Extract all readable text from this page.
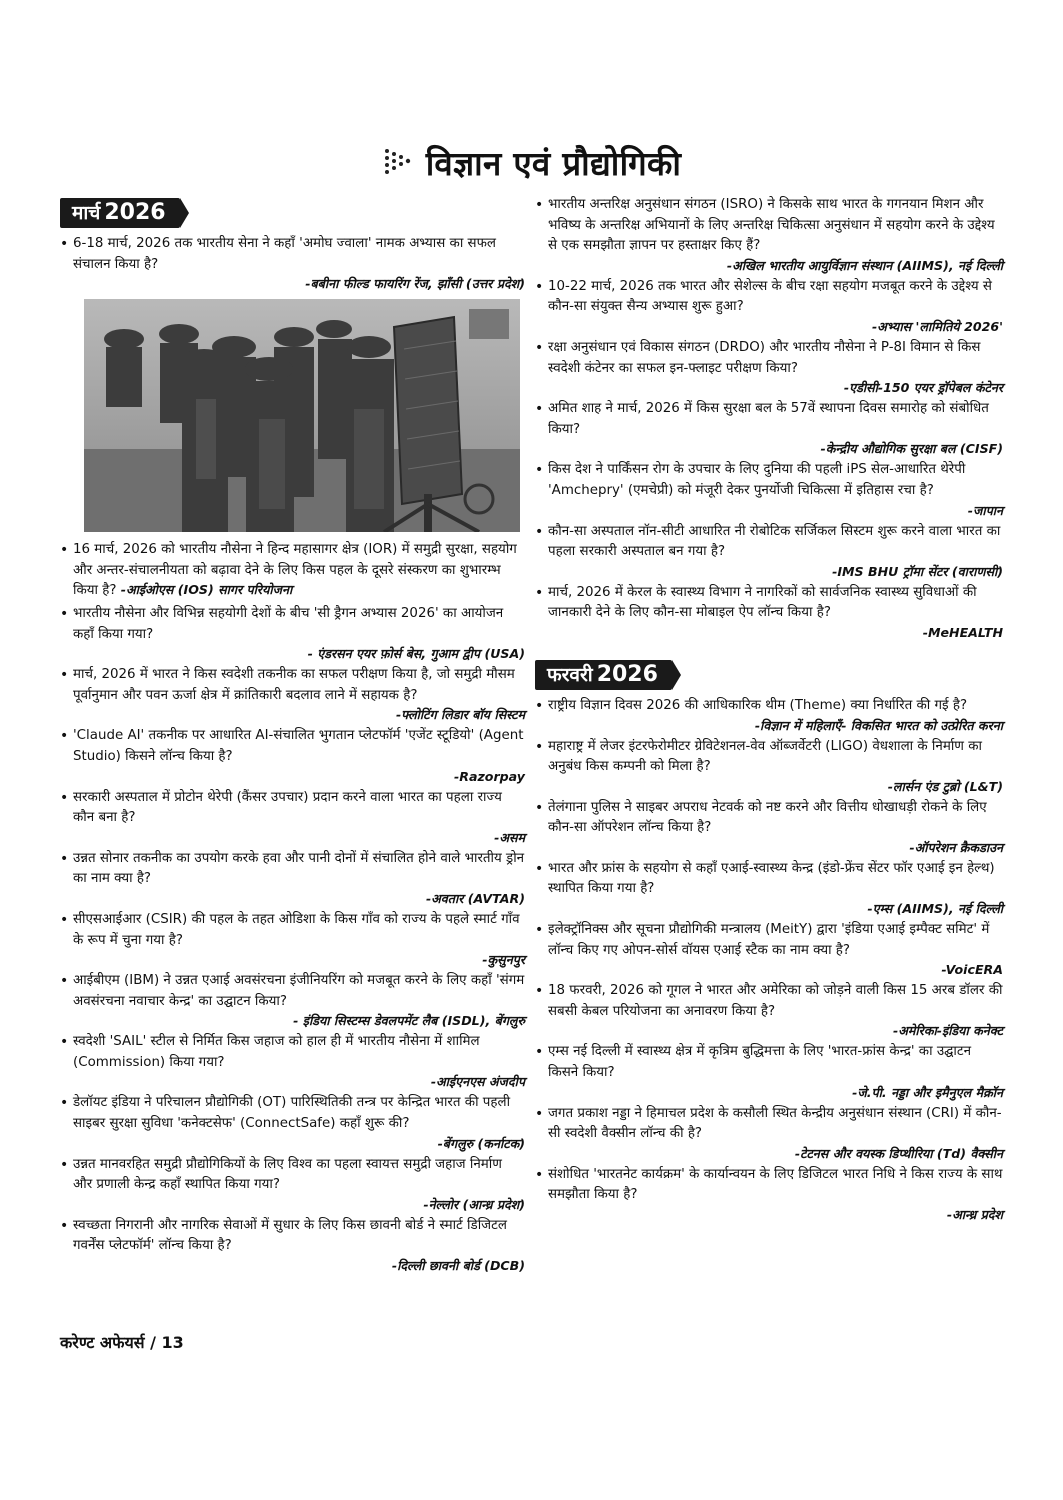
विज्ञान एवं प्रौद्योगिकी
मार्च 2026
• 6-18 मार्च, 2026 तक भारतीय सेना ने कहाँ 'अमोघ ज्वाला' नामक अभ्यास का सफल संचालन किया है?
-बबीना फील्ड फायरिंग रेंज, झाँसी (उत्तर प्रदेश)
• 16 मार्च, 2026 को भारतीय नौसेना ने हिन्द महासागर क्षेत्र (IOR) में समुद्री सुरक्षा, सहयोग और अन्तर-संचालनीयता को बढ़ावा देने के लिए किस पहल के दूसरे संस्करण का शुभारम्भ किया है? -आईओएस (IOS) सागर परियोजना
• भारतीय नौसेना और विभिन्न सहयोगी देशों के बीच 'सी ड्रैगन अभ्यास 2026' का आयोजन कहाँ किया गया?
- एंडरसन एयर फ़ोर्स बेस, गुआम द्वीप (USA)
• मार्च, 2026 में भारत ने किस स्वदेशी तकनीक का सफल परीक्षण किया है, जो समुद्री मौसम पूर्वानुमान और पवन ऊर्जा क्षेत्र में क्रांतिकारी बदलाव लाने में सहायक है?
-फ्लोटिंग लिडार बॉय सिस्टम
• 'Claude AI' तकनीक पर आधारित AI-संचालित भुगतान प्लेटफॉर्म 'एजेंट स्टूडियो' (Agent Studio) किसने लॉन्च किया है?
-Razorpay
• सरकारी अस्पताल में प्रोटोन थेरेपी (कैंसर उपचार) प्रदान करने वाला भारत का पहला राज्य कौन बना है?
-असम
• उन्नत सोनार तकनीक का उपयोग करके हवा और पानी दोनों में संचालित होने वाले भारतीय ड्रोन का नाम क्या है?
-अवतार (AVTAR)
• सीएसआईआर (CSIR) की पहल के तहत ओडिशा के किस गाँव को राज्य के पहले स्मार्ट गाँव के रूप में चुना गया है?
-कुसुनपुर
• आईबीएम (IBM) ने उन्नत एआई अवसंरचना इंजीनियरिंग को मजबूत करने के लिए कहाँ 'संगम अवसंरचना नवाचार केन्द्र' का उद्घाटन किया?
- इंडिया सिस्टम्स डेवलपमेंट लैब (ISDL), बेंगलुरु
• स्वदेशी 'SAIL' स्टील से निर्मित किस जहाज को हाल ही में भारतीय नौसेना में शामिल (Commission) किया गया?
-आईएनएस अंजदीप
• डेलॉयट इंडिया ने परिचालन प्रौद्योगिकी (OT) पारिस्थितिकी तन्त्र पर केन्द्रित भारत की पहली साइबर सुरक्षा सुविधा 'कनेक्टसेफ' (ConnectSafe) कहाँ शुरू की?
-बेंगलुरु (कर्नाटक)
• उन्नत मानवरहित समुद्री प्रौद्योगिकियों के लिए विश्व का पहला स्वायत्त समुद्री जहाज निर्माण और प्रणाली केन्द्र कहाँ स्थापित किया गया?
-नेल्लोर (आन्ध्र प्रदेश)
• स्वच्छता निगरानी और नागरिक सेवाओं में सुधार के लिए किस छावनी बोर्ड ने स्मार्ट डिजिटल गवर्नेंस प्लेटफॉर्म' लॉन्च किया है?
-दिल्ली छावनी बोर्ड (DCB)
• भारतीय अन्तरिक्ष अनुसंधान संगठन (ISRO) ने किसके साथ भारत के गगनयान मिशन और भविष्य के अन्तरिक्ष अभियानों के लिए अन्तरिक्ष चिकित्सा अनुसंधान में सहयोग करने के उद्देश्य से एक समझौता ज्ञापन पर हस्ताक्षर किए हैं?
-अखिल भारतीय आयुर्विज्ञान संस्थान (AIIMS), नई दिल्ली
• 10-22 मार्च, 2026 तक भारत और सेशेल्स के बीच रक्षा सहयोग मजबूत करने के उद्देश्य से कौन-सा संयुक्त सैन्य अभ्यास शुरू हुआ?
-अभ्यास 'लामितिये 2026'
• रक्षा अनुसंधान एवं विकास संगठन (DRDO) और भारतीय नौसेना ने P-8I विमान से किस स्वदेशी कंटेनर का सफल इन-फ्लाइट परीक्षण किया?
-एडीसी-150 एयर ड्रॉपेबल कंटेनर
• अमित शाह ने मार्च, 2026 में किस सुरक्षा बल के 57वें स्थापना दिवस समारोह को संबोधित किया?
-केन्द्रीय औद्योगिक सुरक्षा बल (CISF)
• किस देश ने पार्किंसन रोग के उपचार के लिए दुनिया की पहली iPS सेल-आधारित थेरेपी 'Amchepry' (एमचेप्री) को मंजूरी देकर पुनर्योजी चिकित्सा में इतिहास रचा है?
-जापान
• कौन-सा अस्पताल नॉन-सीटी आधारित नी रोबोटिक सर्जिकल सिस्टम शुरू करने वाला भारत का पहला सरकारी अस्पताल बन गया है?
-IMS BHU ट्रॉमा सेंटर (वाराणसी)
• मार्च, 2026 में केरल के स्वास्थ्य विभाग ने नागरिकों को सार्वजनिक स्वास्थ्य सुविधाओं की जानकारी देने के लिए कौन-सा मोबाइल ऐप लॉन्च किया है?
-MeHEALTH
फरवरी 2026
• राष्ट्रीय विज्ञान दिवस 2026 की आधिकारिक थीम (Theme) क्या निर्धारित की गई है?
-विज्ञान में महिलाएँ- विकसित भारत को उत्प्रेरित करना
• महाराष्ट्र में लेजर इंटरफेरोमीटर ग्रेविटेशनल-वेव ऑब्जर्वेटरी (LIGO) वेधशाला के निर्माण का अनुबंध किस कम्पनी को मिला है?
-लार्सन एंड टुब्रो (L&T)
• तेलंगाना पुलिस ने साइबर अपराध नेटवर्क को नष्ट करने और वित्तीय धोखाधड़ी रोकने के लिए कौन-सा ऑपरेशन लॉन्च किया है?
-ऑपरेशन क्रैकडाउन
• भारत और फ्रांस के सहयोग से कहाँ एआई-स्वास्थ्य केन्द्र (इंडो-फ्रेंच सेंटर फॉर एआई इन हेल्थ) स्थापित किया गया है?
-एम्स (AIIMS), नई दिल्ली
• इलेक्ट्रॉनिक्स और सूचना प्रौद्योगिकी मन्त्रालय (MeitY) द्वारा 'इंडिया एआई इम्पैक्ट समिट' में लॉन्च किए गए ओपन-सोर्स वॉयस एआई स्टैक का नाम क्या है?
-VoicERA
• 18 फरवरी, 2026 को गूगल ने भारत और अमेरिका को जोड़ने वाली किस 15 अरब डॉलर की सबसी केबल परियोजना का अनावरण किया है?
-अमेरिका-इंडिया कनेक्ट
• एम्स नई दिल्ली में स्वास्थ्य क्षेत्र में कृत्रिम बुद्धिमत्ता के लिए 'भारत-फ्रांस केन्द्र' का उद्घाटन किसने किया?
-जे.पी. नड्डा और इमैनुएल मैक्रॉन
• जगत प्रकाश नड्डा ने हिमाचल प्रदेश के कसौली स्थित केन्द्रीय अनुसंधान संस्थान (CRI) में कौन-सी स्वदेशी वैक्सीन लॉन्च की है?
-टेटनस और वयस्क डिप्थीरिया (Td) वैक्सीन
• संशोधित 'भारतनेट कार्यक्रम' के कार्यान्वयन के लिए डिजिटल भारत निधि ने किस राज्य के साथ समझौता किया है?
-आन्ध्र प्रदेश
करेण्ट अफेयर्स / 13
